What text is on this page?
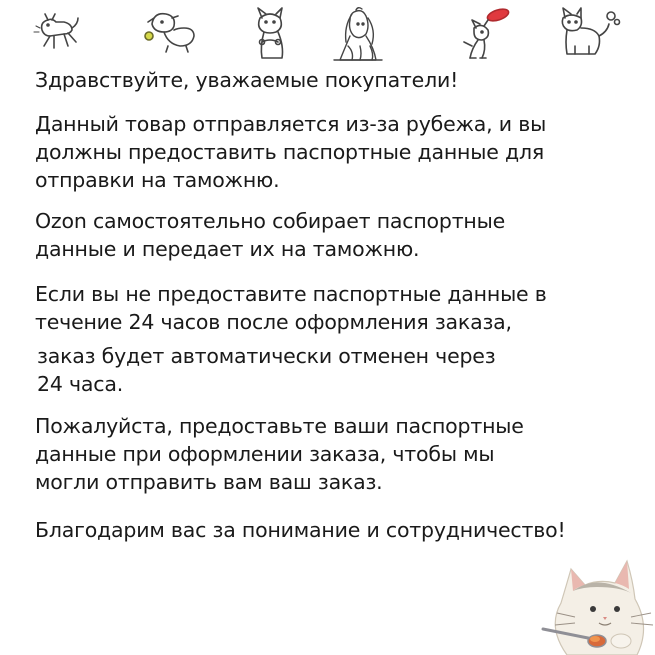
Здравствуйте, уважаемые покупатели!

Данный товар отправляется из-за рубежа, и вы
должны предоставить паспортные данные для
отправки на таможню.

Ozon самостоятельно собирает паспортные
данные и передает их на таможню.

Если вы не предоставите паспортные данные в
течение 24 часов после оформления заказа,

заказ будет автоматически отменен через
24 часа.

Пожалуйста, предоставьте ваши паспортные
данные при оформлении заказа, чтобы мы
могли отправить вам ваш заказ.

Благодарим вас за понимание и сотрудничество!
